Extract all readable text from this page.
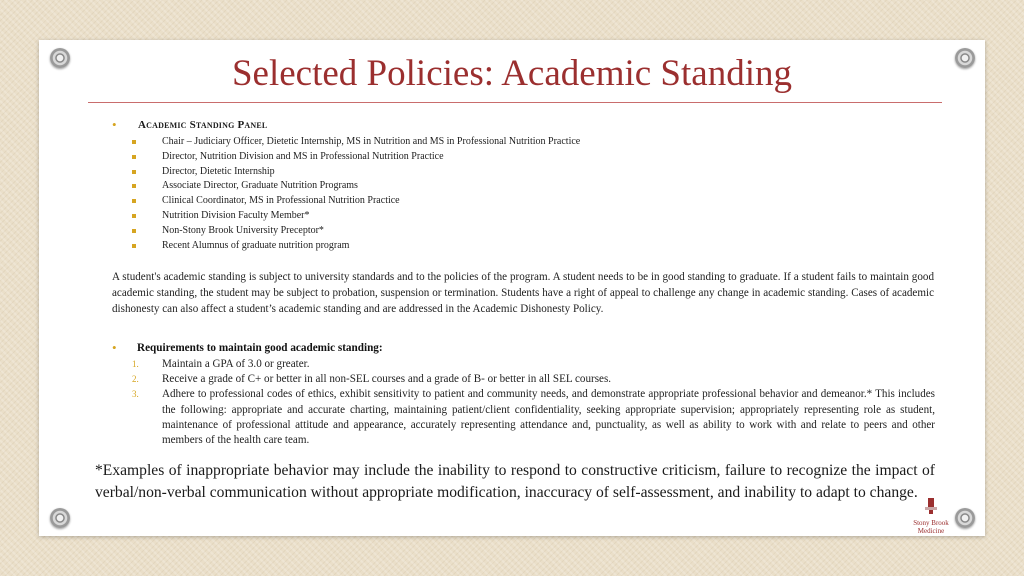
Selected Policies: Academic Standing
• Academic Standing Panel
Chair – Judiciary Officer, Dietetic Internship, MS in Nutrition and MS in Professional Nutrition Practice
Director, Nutrition Division and MS in Professional Nutrition Practice
Director, Dietetic Internship
Associate Director, Graduate Nutrition Programs
Clinical Coordinator, MS in Professional Nutrition Practice
Nutrition Division Faculty Member*
Non-Stony Brook University Preceptor*
Recent Alumnus of graduate nutrition program

A student's academic standing is subject to university standards and to the policies of the program. A student needs to be in good standing to graduate. If a student fails to maintain good academic standing, the student may be subject to probation, suspension or termination. Students have a right of appeal to challenge any change in academic standing. Cases of academic dishonesty can also affect a student’s academic standing and are addressed in the Academic Dishonesty Policy.

• Requirements to maintain good academic standing:
1. Maintain a GPA of 3.0 or greater.
2. Receive a grade of C+ or better in all non-SEL courses and a grade of B- or better in all SEL courses.
3. Adhere to professional codes of ethics, exhibit sensitivity to patient and community needs, and demonstrate appropriate professional behavior and demeanor.* This includes the following: appropriate and accurate charting, maintaining patient/client confidentiality, seeking appropriate supervision; appropriately representing role as student, maintenance of professional attitude and appearance, accurately representing attendance and, punctuality, as well as ability to work with and relate to peers and other members of the health care team.

*Examples of inappropriate behavior may include the inability to respond to constructive criticism, failure to recognize the impact of verbal/non-verbal communication without appropriate modification, inaccuracy of self-assessment, and inability to adapt to change.

Stony Brook
Medicine
